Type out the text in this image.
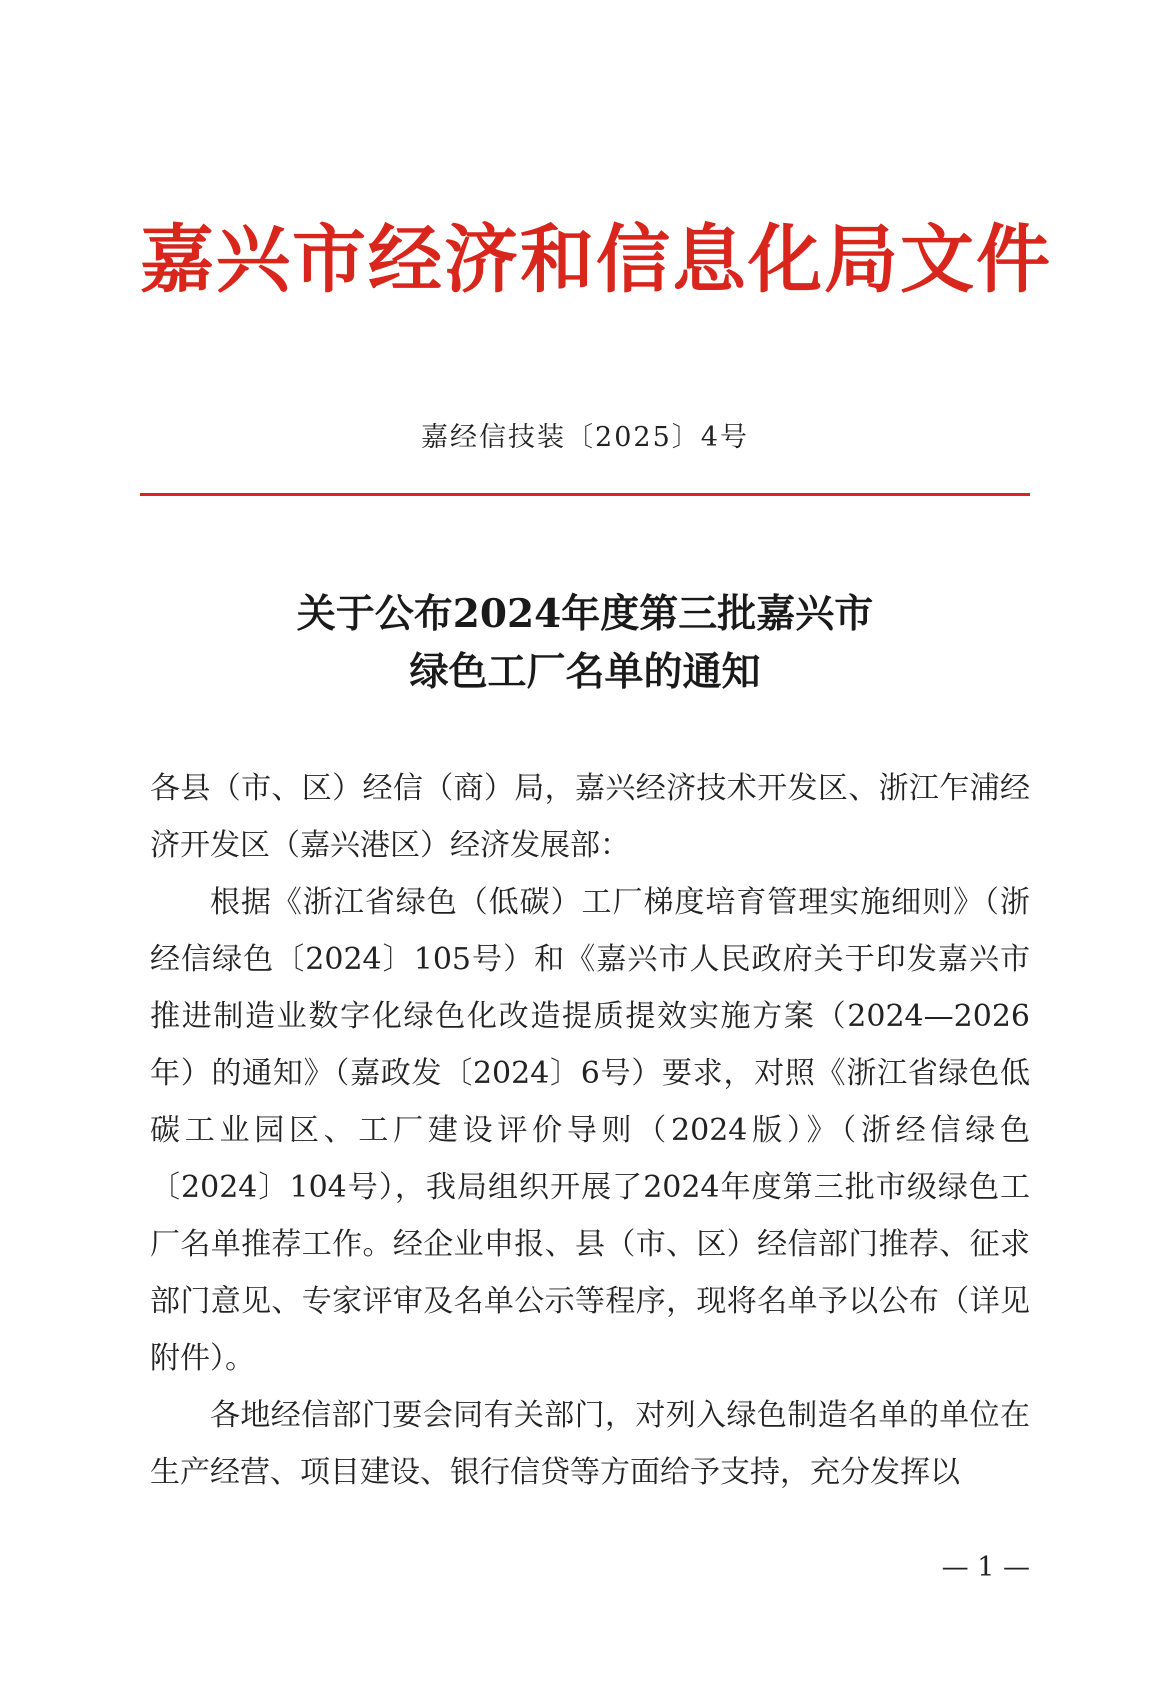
嘉兴市经济和信息化局文件
嘉经信技装〔2025〕4号
关于公布2024年度第三批嘉兴市
绿色工厂名单的通知

各县（市、区）经信（商）局，嘉兴经济技术开发区、浙江乍浦经济开发区（嘉兴港区）经济发展部：

根据《浙江省绿色（低碳）工厂梯度培育管理实施细则》（浙经信绿色〔2024〕105号）和《嘉兴市人民政府关于印发嘉兴市推进制造业数字化绿色化改造提质提效实施方案（2024—2026年）的通知》（嘉政发〔2024〕6号）要求，对照《浙江省绿色低碳工业园区、工厂建设评价导则（2024版）》（浙经信绿色〔2024〕104号），我局组织开展了2024年度第三批市级绿色工厂名单推荐工作。经企业申报、县（市、区）经信部门推荐、征求部门意见、专家评审及名单公示等程序，现将名单予以公布（详见附件）。

各地经信部门要会同有关部门，对列入绿色制造名单的单位在生产经营、项目建设、银行信贷等方面给予支持，充分发挥以

— 1 —
